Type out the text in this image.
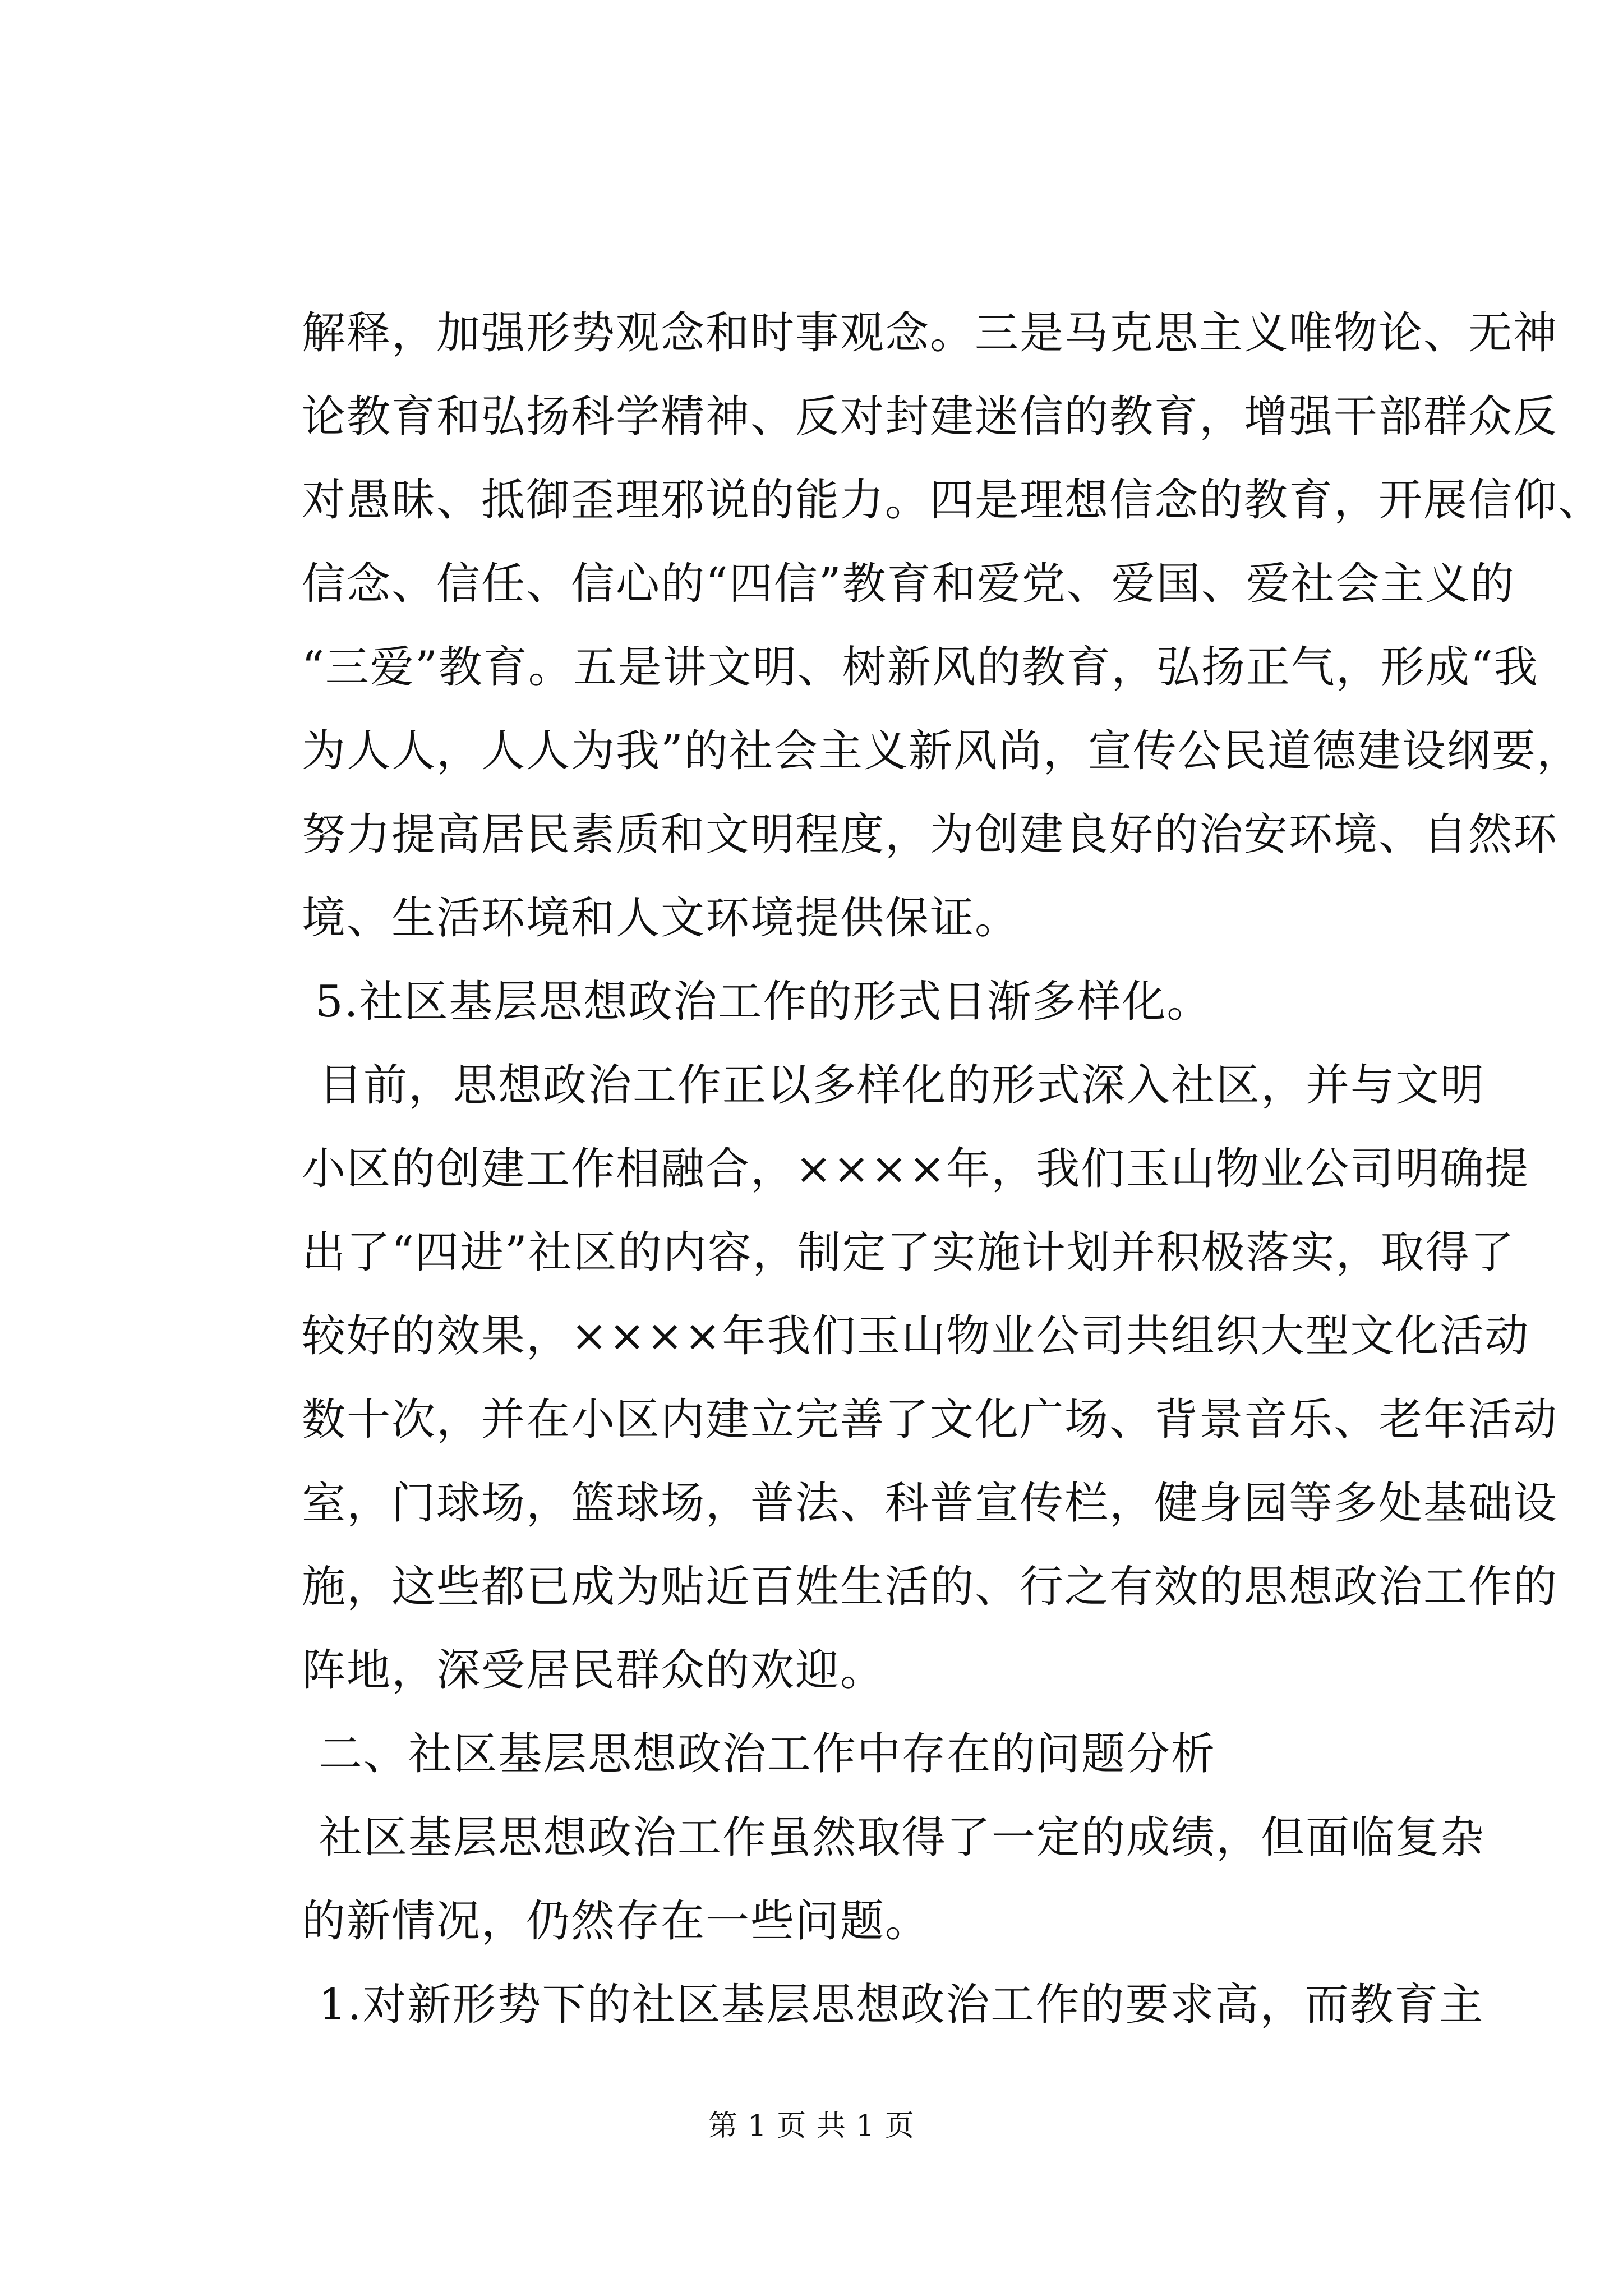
解释，加强形势观念和时事观念。三是马克思主义唯物论、无神
论教育和弘扬科学精神、反对封建迷信的教育，增强干部群众反
对愚昧、抵御歪理邪说的能力。四是理想信念的教育，开展信仰、
信念、信任、信心的“四信”教育和爱党、爱国、爱社会主义的
“三爱”教育。五是讲文明、树新风的教育，弘扬正气，形成“我
为人人，人人为我”的社会主义新风尚，宣传公民道德建设纲要，
努力提高居民素质和文明程度，为创建良好的治安环境、自然环
境、生活环境和人文环境提供保证。
5.社区基层思想政治工作的形式日渐多样化。
目前，思想政治工作正以多样化的形式深入社区，并与文明
小区的创建工作相融合，××××年，我们玉山物业公司明确提
出了“四进”社区的内容，制定了实施计划并积极落实，取得了
较好的效果，××××年我们玉山物业公司共组织大型文化活动
数十次，并在小区内建立完善了文化广场、背景音乐、老年活动
室，门球场，篮球场，普法、科普宣传栏，健身园等多处基础设
施，这些都已成为贴近百姓生活的、行之有效的思想政治工作的
阵地，深受居民群众的欢迎。
二、社区基层思想政治工作中存在的问题分析
社区基层思想政治工作虽然取得了一定的成绩，但面临复杂
的新情况，仍然存在一些问题。
1.对新形势下的社区基层思想政治工作的要求高，而教育主
第 1 页 共 1 页
